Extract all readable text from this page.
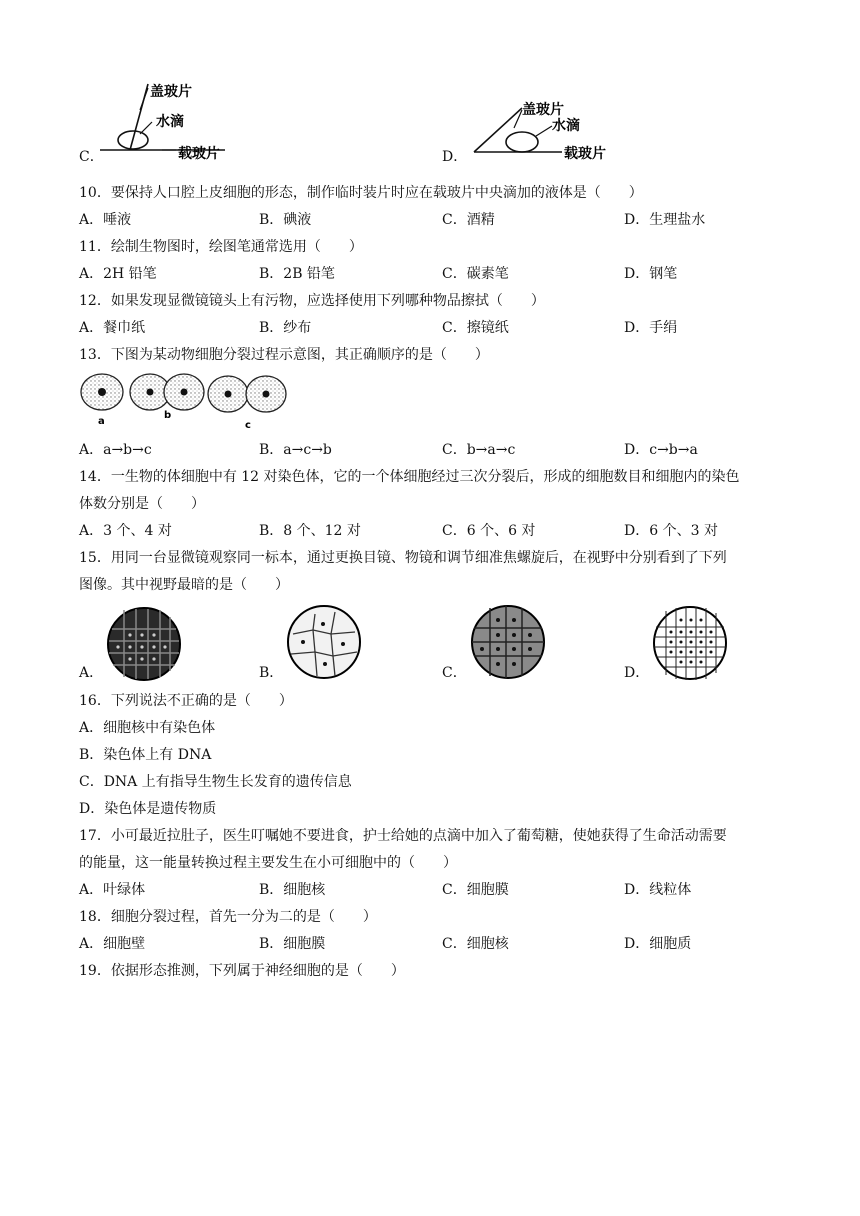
C．
盖玻片
水滴
载玻片	D．
盖玻片
水滴
载玻片
10．要保持人口腔上皮细胞的形态，制作临时装片时应在载玻片中央滴加的液体是（　　）
A．唾液	B．碘液	C．酒精	D．生理盐水
11．绘制生物图时，绘图笔通常选用（　　）
A．2H 铅笔	B．2B 铅笔	C．碳素笔	D．钢笔
12．如果发现显微镜镜头上有污物，应选择使用下列哪种物品擦拭（　　）
A．餐巾纸	B．纱布	C．擦镜纸	D．手绢
13．下图为某动物细胞分裂过程示意图，其正确顺序的是（　　）
a
b
c
A．a→b→c	B．a→c→b	C．b→a→c	D．c→b→a
14．一生物的体细胞中有 12 对染色体，它的一个体细胞经过三次分裂后，形成的细胞数目和细胞内的染色
体数分别是（　　）
A．3 个、4 对	B．8 个、12 对	C．6 个、6 对	D．6 个、3 对
15．用同一台显微镜观察同一标本，通过更换目镜、物镜和调节细准焦螺旋后，在视野中分别看到了下列
图像。其中视野最暗的是（　　）
A．	B．	C．	D．
16．下列说法不正确的是（　　）
A．细胞核中有染色体
B．染色体上有 DNA
C．DNA 上有指导生物生长发育的遗传信息
D．染色体是遗传物质
17．小可最近拉肚子，医生叮嘱她不要进食，护士给她的点滴中加入了葡萄糖，使她获得了生命活动需要
的能量，这一能量转换过程主要发生在小可细胞中的（　　）
A．叶绿体	B．细胞核	C．细胞膜	D．线粒体
18．细胞分裂过程，首先一分为二的是（　　）
A．细胞壁	B．细胞膜	C．细胞核	D．细胞质
19．依据形态推测，下列属于神经细胞的是（　　）
